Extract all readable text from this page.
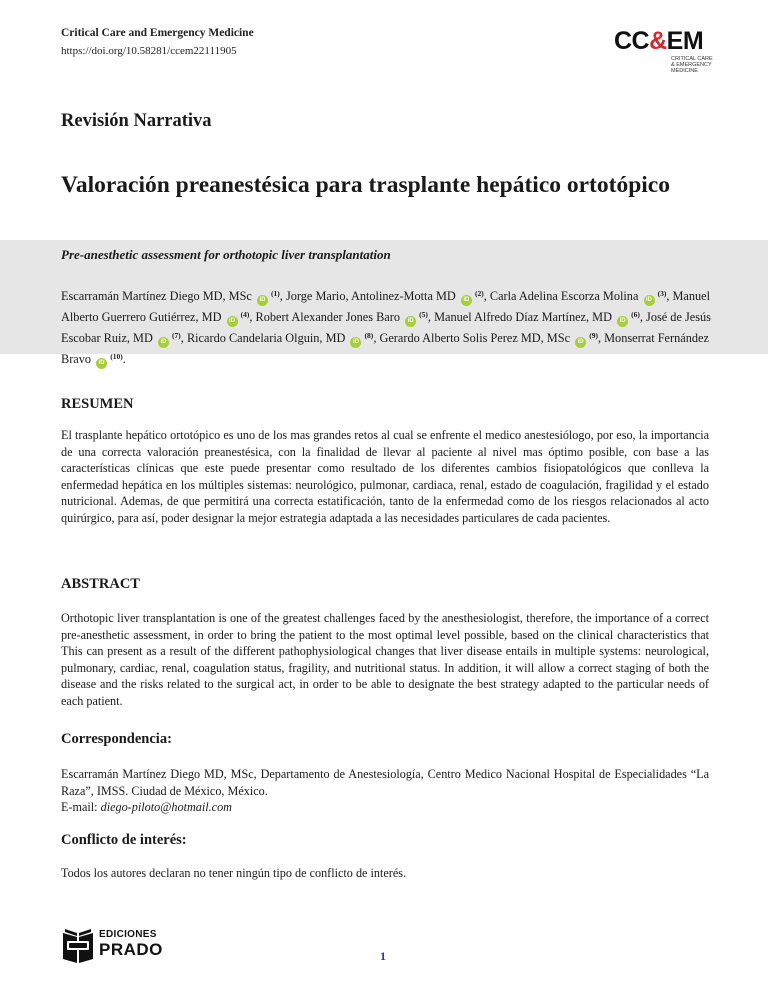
Critical Care and Emergency Medicine
https://doi.org/10.58281/ccem22111905	CC&EM
CRITICAL CARE
& EMERGENCY
MEDICINE
Revisión Narrativa
Valoración preanestésica para trasplante hepático ortotópico
Pre-anesthetic assessment for orthotopic liver transplantation
Escarramán Martínez Diego MD, MSc iD $^{(1)}$, Jorge Mario, Antolinez-Motta MD iD $^{(2)}$, Carla Adelina Escorza Molina iD $^{(3)}$, Manuel Alberto Guerrero Gutiérrez, MD iD $^{(4)}$, Robert Alexander Jones Baro iD $^{(5)}$, Manuel Alfredo Díaz Martínez, MD iD $^{(6)}$, José de Jesús Escobar Ruiz, MD iD $^{(7)}$, Ricardo Candelaria Olguin, MD iD $^{(8)}$, Gerardo Alberto Solis Perez MD, MSc iD $^{(9)}$, Monserrat Fernández Bravo iD $^{(10)}$.
RESUMEN
El trasplante hepático ortotópico es uno de los mas grandes retos al cual se enfrente el medico anestesiólogo, por eso, la importancia de una correcta valoración preanestésica, con la finalidad de llevar al paciente al nivel mas óptimo posible, con base a las características clínicas que este puede presentar como resultado de los diferentes cambios fisiopatológicos que conlleva la enfermedad hepática en los múltiples sistemas: neurológico, pulmonar, cardiaca, renal, estado de coagulación, fragilidad y el estado nutricional. Ademas, de que permitirá una correcta estatificación, tanto de la enfermedad como de los riesgos relacionados al acto quirúrgico, para así, poder designar la mejor estrategia adaptada a las necesidades particulares de cada pacientes.
ABSTRACT
Orthotopic liver transplantation is one of the greatest challenges faced by the anesthesiologist, therefore, the importance of a correct pre-anesthetic assessment, in order to bring the patient to the most optimal level possible, based on the clinical characteristics that This can present as a result of the different pathophysiological changes that liver disease entails in multiple systems: neurological, pulmonary, cardiac, renal, coagulation status, fragility, and nutritional status. In addition, it will allow a correct staging of both the disease and the risks related to the surgical act, in order to be able to designate the best strategy adapted to the particular needs of each patient.
Correspondencia:
Escarramán Martínez Diego MD, MSc, Departamento de Anestesiología, Centro Medico Nacional Hospital de Especialidades “La Raza”, IMSS. Ciudad de México, México.
E-mail: diego-piloto@hotmail.com
Conflicto de interés:
Todos los autores declaran no tener ningún tipo de conflicto de interés.
EDICIONES
PRADO	1
